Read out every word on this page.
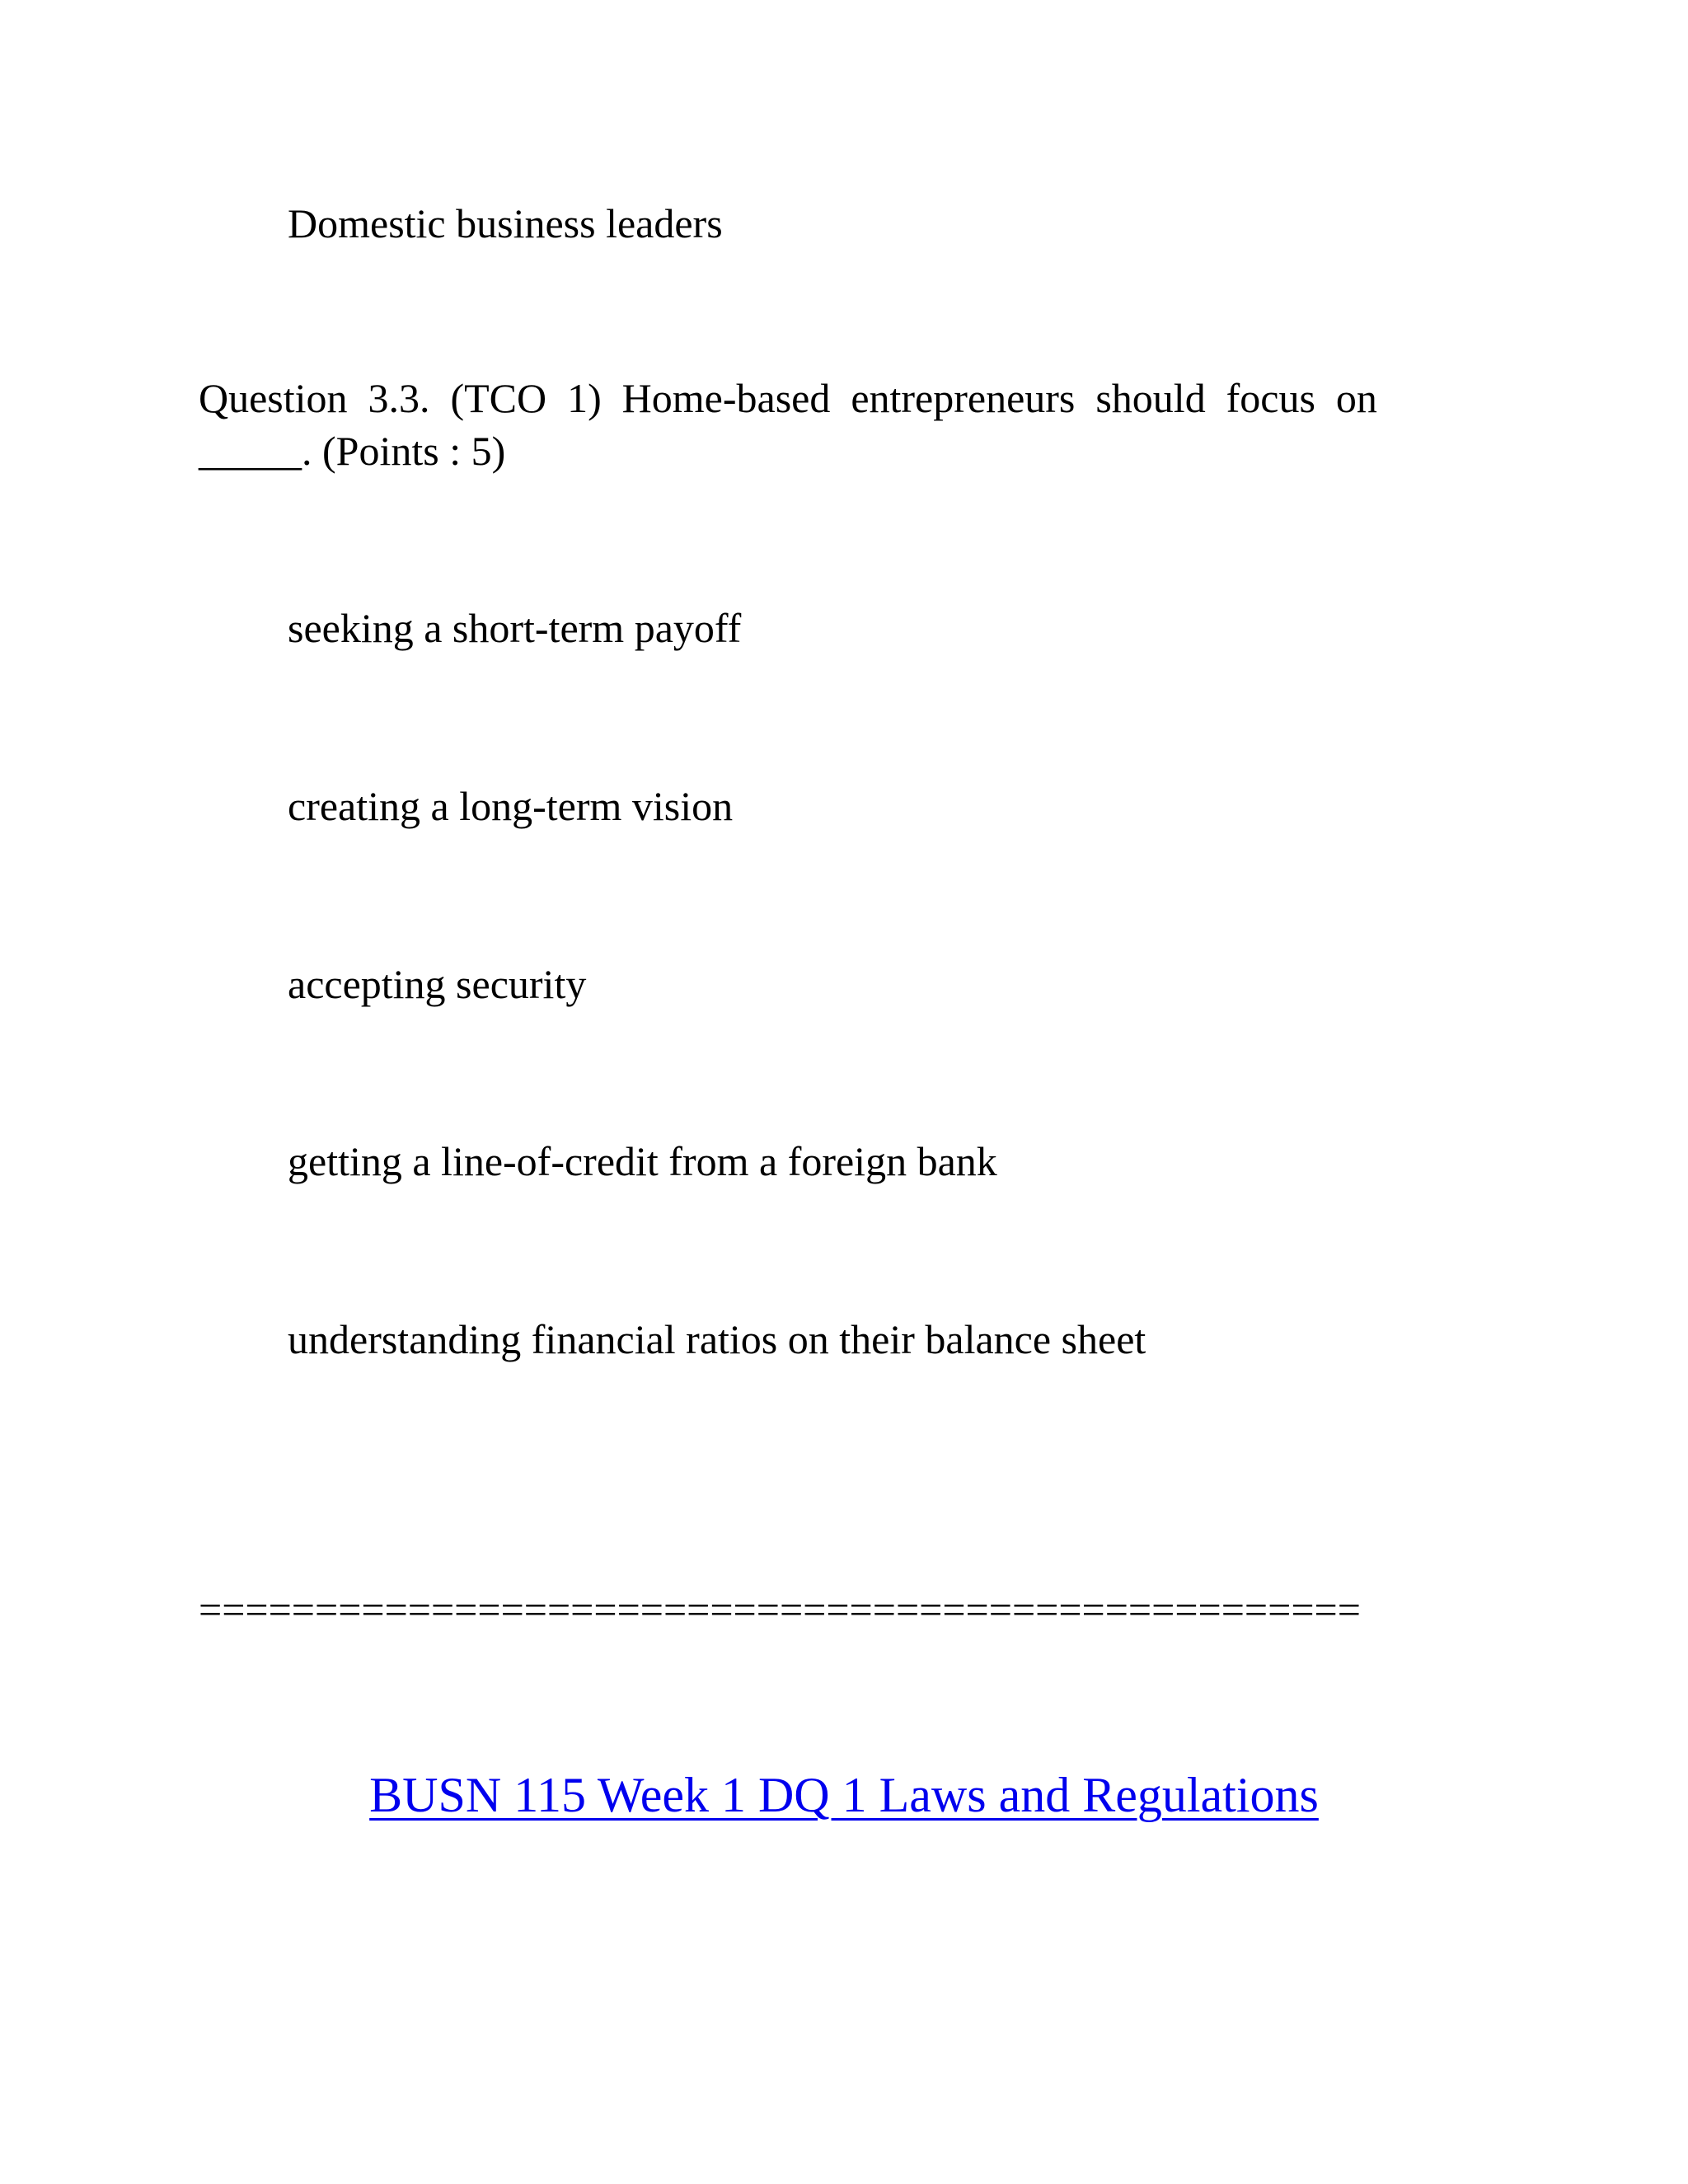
Domestic business leaders
Question 3.3. (TCO 1) Home-based entrepreneurs should focus on
_____. (Points : 5)
seeking a short-term payoff
creating a long-term vision
accepting security
getting a line-of-credit from a foreign bank
understanding financial ratios on their balance sheet
==================================================
BUSN 115 Week 1 DQ 1 Laws and Regulations
